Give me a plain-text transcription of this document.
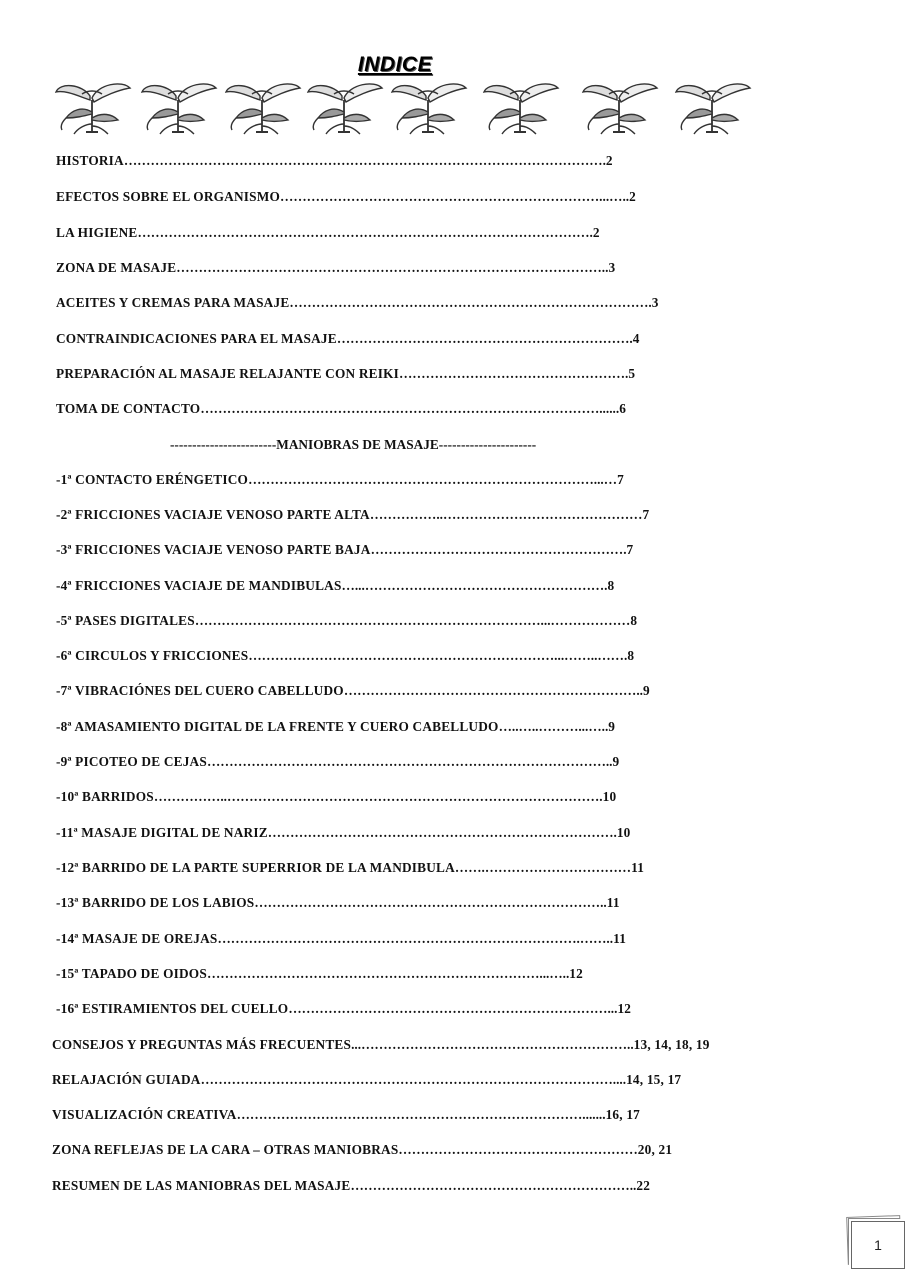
INDICE
HISTORIA……………………………………………………………………………………………….2
EFECTOS SOBRE EL ORGANISMO………………………………………………………………...…..2
LA HIGIENE………………………………………………………………………………………….2
ZONA DE MASAJE……………………………………………………………………………………..3
ACEITES Y CREMAS PARA MASAJE……………………………………………………………………….3
CONTRAINDICACIONES PARA EL MASAJE………………………………………………………….4
PREPARACIÓN AL MASAJE RELAJANTE CON REIKI…………………………………………….5
TOMA DE CONTACTO………………………………………………………………………………......6
------------------------MANIOBRAS DE MASAJE----------------------
-1ª CONTACTO ERÉNGETICO……………………………………………………………………...…7
-2ª FRICCIONES VACIAJE VENOSO PARTE ALTA……………..………………………………………7
-3ª FRICCIONES VACIAJE VENOSO PARTE BAJA………………………………………………….7
-4ª FRICCIONES VACIAJE DE MANDIBULAS…...……………………………………………….8
-5ª PASES DIGITALES……………………………………………………………………...………………8
-6ª CIRCULOS Y FRICCIONES……………………………………………………………...……..…….8
-7ª VIBRACIÓNES DEL CUERO CABELLUDO…………………………………………………………..9
-8ª AMASAMIENTO DIGITAL DE LA FRENTE Y CUERO CABELLUDO…..…..………...…..9
-9ª PICOTEO DE CEJAS………………………………………………………………………………..9
-10ª BARRIDOS……………..………………………………………………………………………….10
-11ª MASAJE DIGITAL DE NARIZ…………………………………………………………………….10
-12ª BARRIDO DE LA PARTE SUPERRIOR DE LA MANDIBULA…….……………………………11
-13ª BARRIDO DE LOS LABIOS……………………………………………………………………..11
-14ª MASAJE DE OREJAS……………………………………………………………………….……..11
-15ª TAPADO DE OIDOS…………………………………………………………………...…..12
-16ª ESTIRAMIENTOS DEL CUELLO………………………………………………………………...12
CONSEJOS Y PREGUNTAS MÁS FRECUENTES...……………………………………………………..13, 14, 18, 19
RELAJACIÓN GUIADA…………………………………………………………………………………....14, 15, 17
VISUALIZACIÓN CREATIVA…………………………………………………………………….......16, 17
ZONA REFLEJAS DE LA CARA – OTRAS MANIOBRAS………………………………………………20, 21
RESUMEN DE LAS MANIOBRAS DEL MASAJE………………………………………………………..22
1
